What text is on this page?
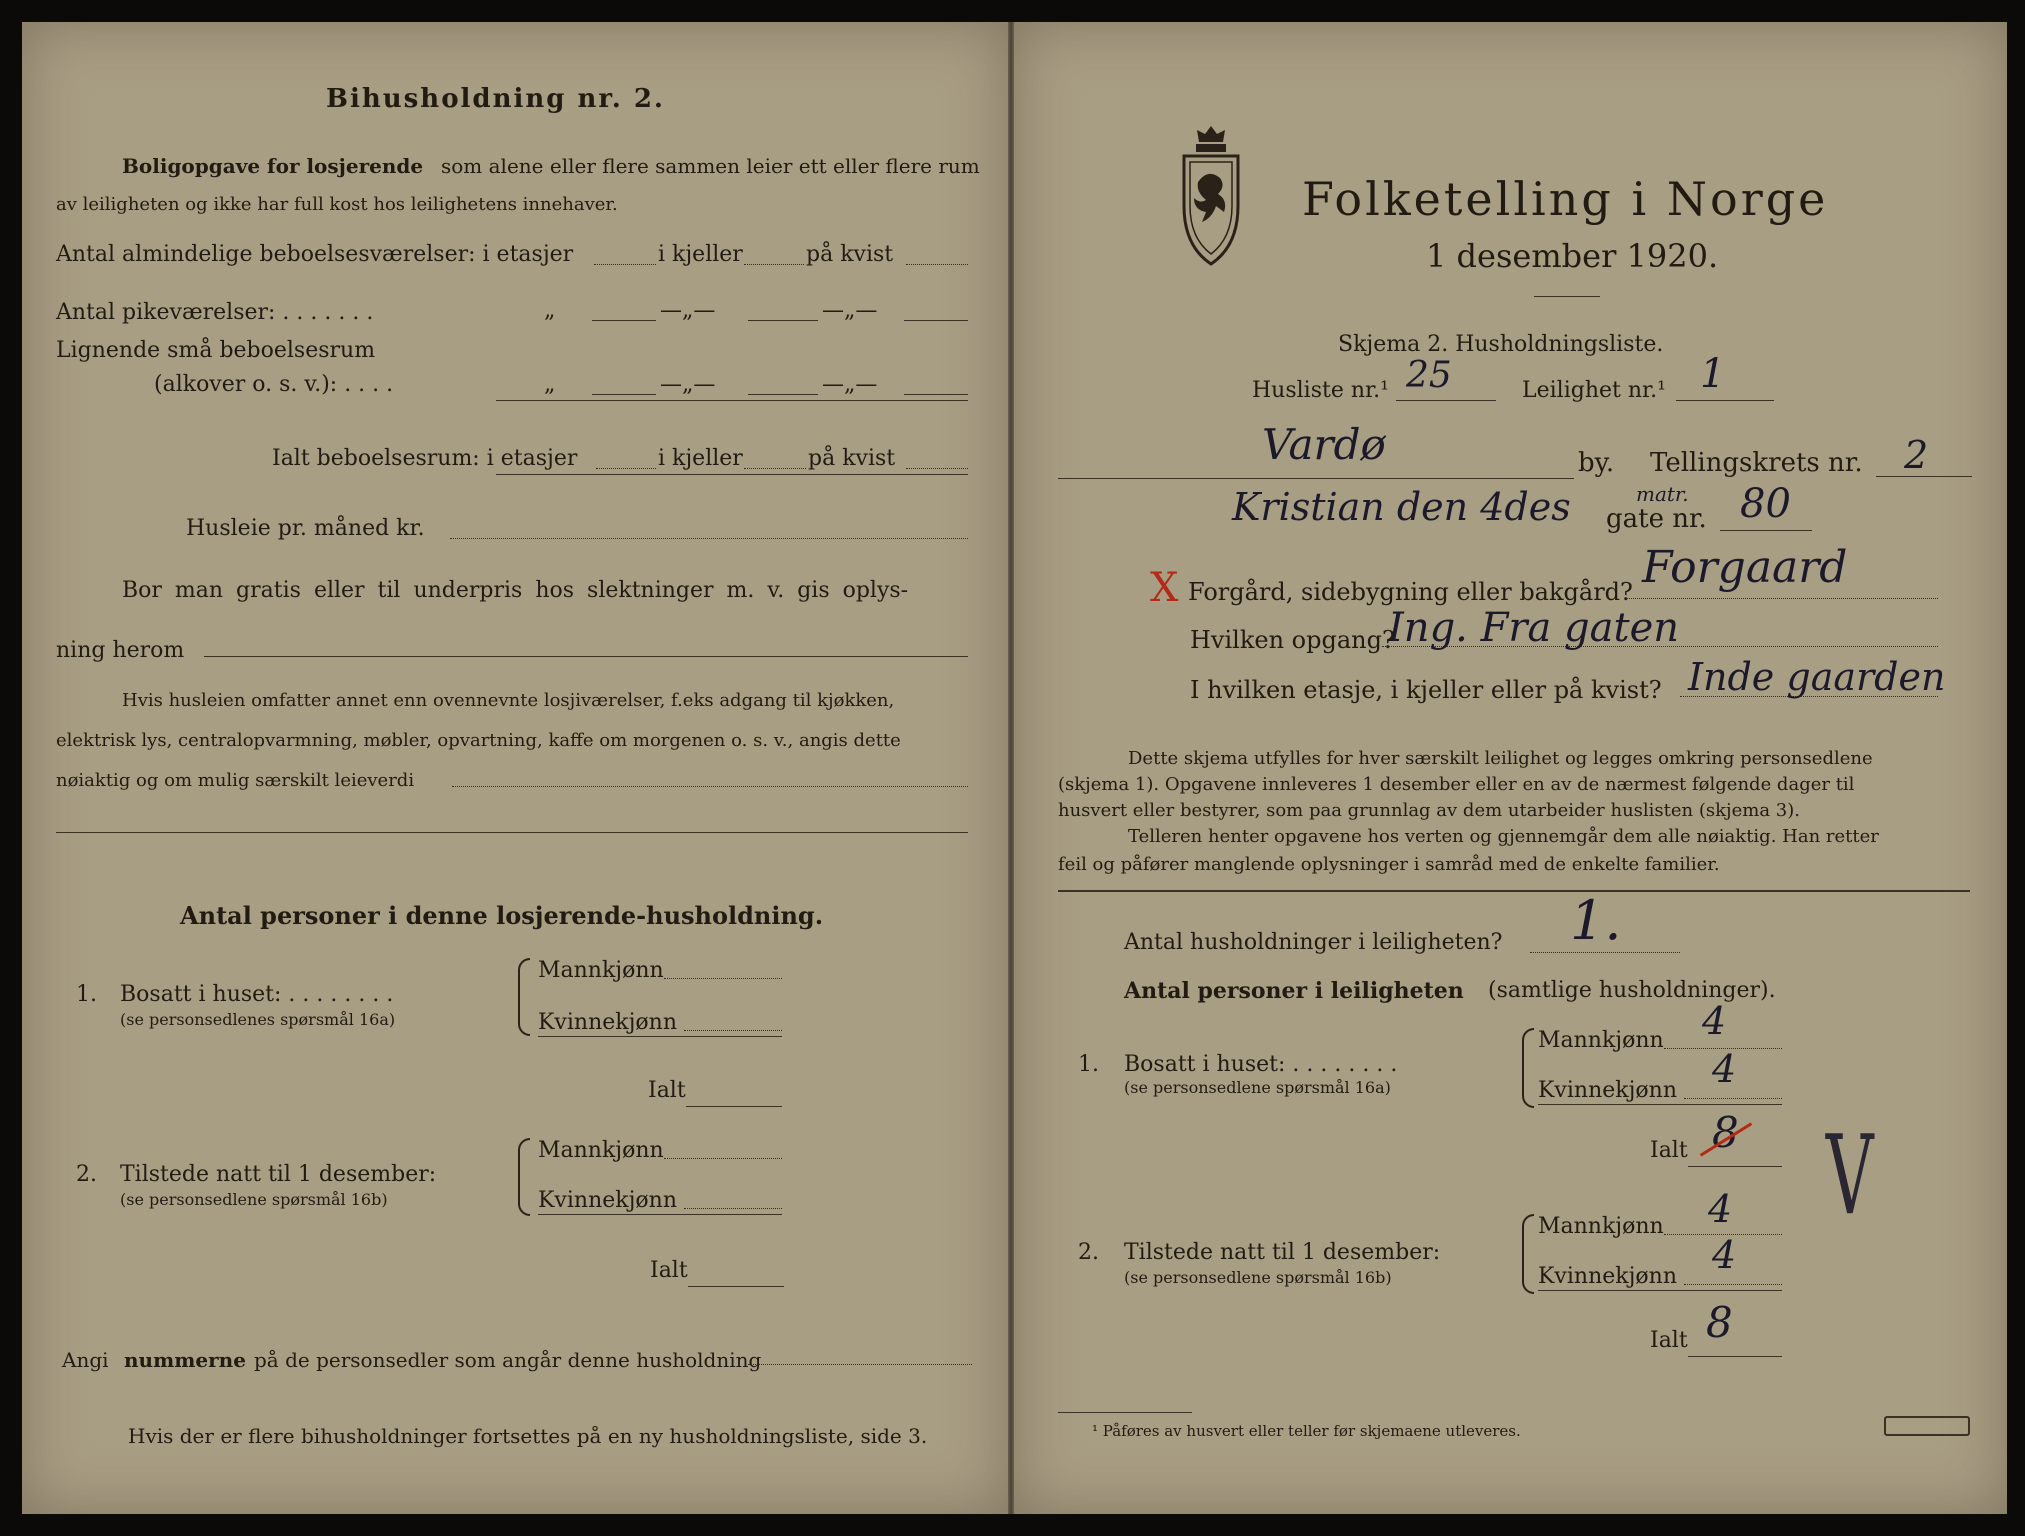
Bihusholdning nr. 2.
Boligopgave for losjerende som alene eller flere sammen leier ett eller flere rum
av leiligheten og ikke har full kost hos leilighetens innehaver.
Antal almindelige beboelsesværelser: i etasjer	i kjeller	på kvist
Antal pikeværelser: . . . . . . .	„	—„—	—„—
Lignende små beboelsesrum
(alkover o. s. v.): . . . .	„	—„—	—„—
Ialt beboelsesrum: i etasjer	i kjeller	på kvist
Husleie pr. måned kr.
Bor man gratis eller til underpris hos slektninger m. v. gis oplys-
ning herom
Hvis husleien omfatter annet enn ovennevnte losjiværelser, f.eks adgang til kjøkken,
elektrisk lys, centralopvarmning, møbler, opvartning, kaffe om morgenen o. s. v., angis dette
nøiaktig og om mulig særskilt leieverdi
Antal personer i denne losjerende-husholdning.
1. Bosatt i huset: . . . . . . . .
(se personsedlenes spørsmål 16a)
Mannkjønn
Kvinnekjønn
Ialt
2. Tilstede natt til 1 desember:
(se personsedlene spørsmål 16b)
Mannkjønn
Kvinnekjønn
Ialt
Angi nummerne på de personsedler som angår denne husholdning
Hvis der er flere bihusholdninger fortsettes på en ny husholdningsliste, side 3.
Folketelling i Norge
1 desember 1920.
Skjema 2. Husholdningsliste.
Husliste nr.¹ 25	Leilighet nr.¹ 1
Vardø	by. Tellingskrets nr. 2
Kristian den 4des gate nr.
matr. 80
X Forgård, sidebygning eller bakgård? Forgaard
Hvilken opgang?
Ing. Fra gaten
I hvilken etasje, i kjeller eller på kvist? Inde gaarden
Dette skjema utfylles for hver særskilt leilighet og legges omkring personsedlene
(skjema 1). Opgavene innleveres 1 desember eller en av de nærmest følgende dager til
husvert eller bestyrer, som paa grunnlag av dem utarbeider huslisten (skjema 3).
Telleren henter opgavene hos verten og gjennemgår dem alle nøiaktig. Han retter
feil og påfører manglende oplysninger i samråd med de enkelte familier.
Antal husholdninger i leiligheten? 1.
Antal personer i leiligheten (samtlige husholdninger).
1. Bosatt i huset: . . . . . . . .
(se personsedlene spørsmål 16a)
Mannkjønn 4
Kvinnekjønn 4
Ialt 8
2. Tilstede natt til 1 desember:
(se personsedlene spørsmål 16b)
Mannkjønn 4
Kvinnekjønn 4
Ialt 8
V
¹ Påføres av husvert eller teller før skjemaene utleveres.
